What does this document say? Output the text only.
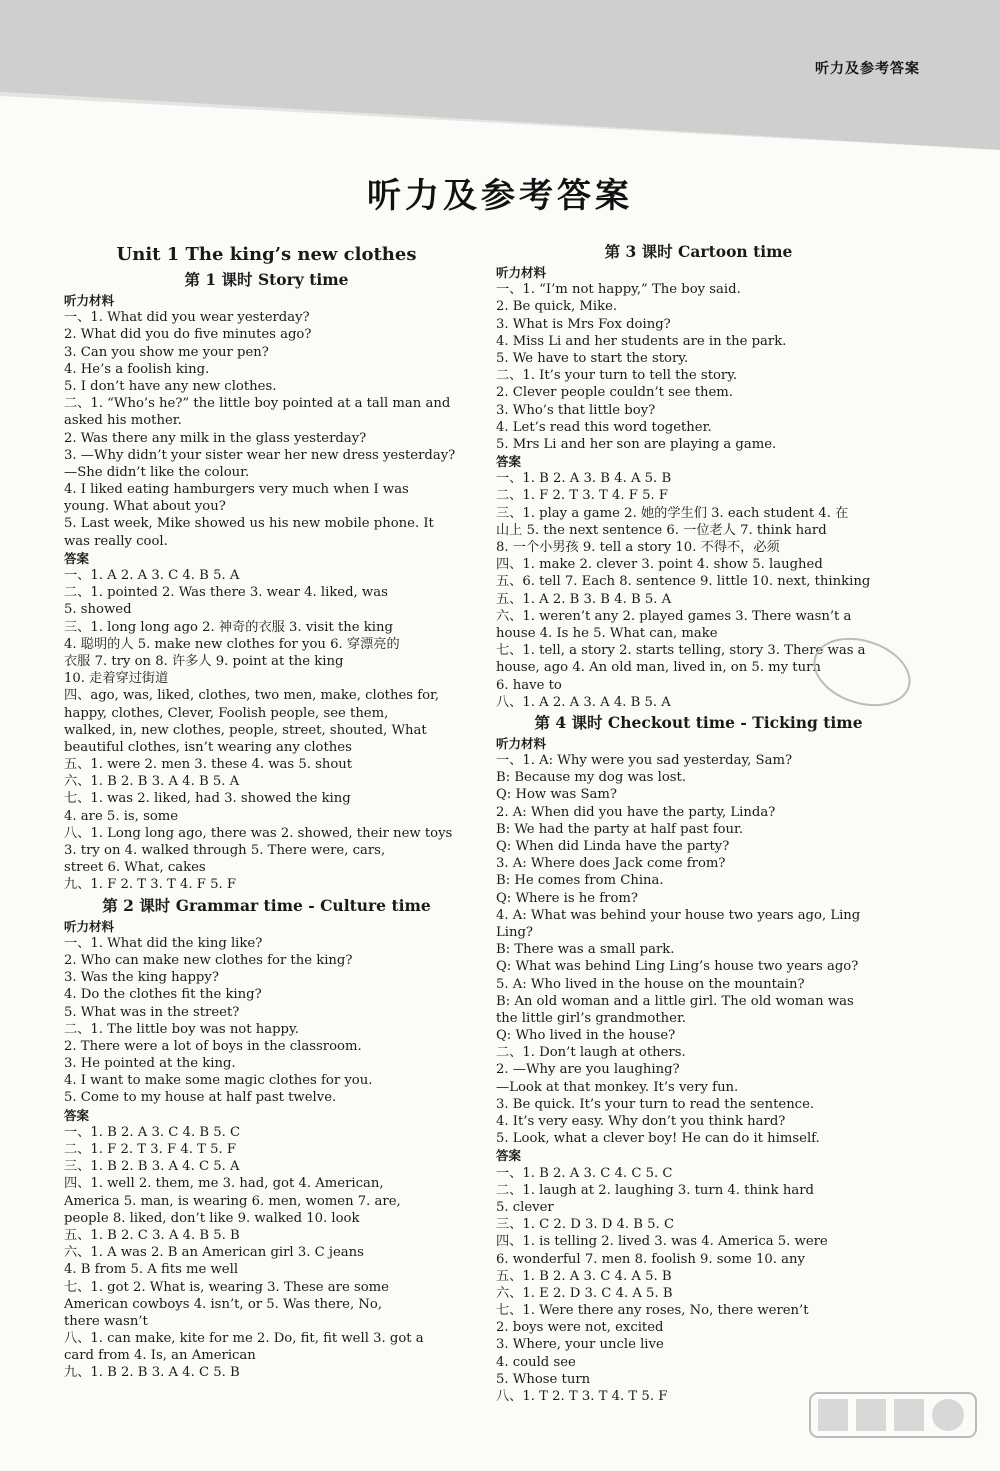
听力及参考答案
听力及参考答案
Unit 1 The king’s new clothes
第 1 课时 Story time
听力材料
一、1. What did you wear yesterday?
2. What did you do five minutes ago?
3. Can you show me your pen?
4. He’s a foolish king.
5. I don’t have any new clothes.
二、1. “Who’s he?” the little boy pointed at a tall man and
asked his mother.
2. Was there any milk in the glass yesterday?
3. —Why didn’t your sister wear her new dress yesterday?
—She didn’t like the colour.
4. I liked eating hamburgers very much when I was
young. What about you?
5. Last week, Mike showed us his new mobile phone. It
was really cool.
答案
一、1. A 2. A 3. C 4. B 5. A
二、1. pointed 2. Was there 3. wear 4. liked, was
5. showed
三、1. long long ago 2. 神奇的衣服 3. visit the king
4. 聪明的人 5. make new clothes for you 6. 穿漂亮的
衣服 7. try on 8. 许多人 9. point at the king
10. 走着穿过街道
四、ago, was, liked, clothes, two men, make, clothes for,
happy, clothes, Clever, Foolish people, see them,
walked, in, new clothes, people, street, shouted, What
beautiful clothes, isn’t wearing any clothes
五、1. were 2. men 3. these 4. was 5. shout
六、1. B 2. B 3. A 4. B 5. A
七、1. was 2. liked, had 3. showed the king
4. are 5. is, some
八、1. Long long ago, there was 2. showed, their new toys
3. try on 4. walked through 5. There were, cars,
street 6. What, cakes
九、1. F 2. T 3. T 4. F 5. F
第 2 课时 Grammar time - Culture time
听力材料
一、1. What did the king like?
2. Who can make new clothes for the king?
3. Was the king happy?
4. Do the clothes fit the king?
5. What was in the street?
二、1. The little boy was not happy.
2. There were a lot of boys in the classroom.
3. He pointed at the king.
4. I want to make some magic clothes for you.
5. Come to my house at half past twelve.
答案
一、1. B 2. A 3. C 4. B 5. C
二、1. F 2. T 3. F 4. T 5. F
三、1. B 2. B 3. A 4. C 5. A
四、1. well 2. them, me 3. had, got 4. American,
America 5. man, is wearing 6. men, women 7. are,
people 8. liked, don’t like 9. walked 10. look
五、1. B 2. C 3. A 4. B 5. B
六、1. A was 2. B an American girl 3. C jeans
4. B from 5. A fits me well
七、1. got 2. What is, wearing 3. These are some
American cowboys 4. isn’t, or 5. Was there, No,
there wasn’t
八、1. can make, kite for me 2. Do, fit, fit well 3. got a
card from 4. Is, an American
九、1. B 2. B 3. A 4. C 5. B
第 3 课时 Cartoon time
听力材料
一、1. “I’m not happy,” The boy said.
2. Be quick, Mike.
3. What is Mrs Fox doing?
4. Miss Li and her students are in the park.
5. We have to start the story.
二、1. It’s your turn to tell the story.
2. Clever people couldn’t see them.
3. Who’s that little boy?
4. Let’s read this word together.
5. Mrs Li and her son are playing a game.
答案
一、1. B 2. A 3. B 4. A 5. B
二、1. F 2. T 3. T 4. F 5. F
三、1. play a game 2. 她的学生们 3. each student 4. 在
山上 5. the next sentence 6. 一位老人 7. think hard
8. 一个小男孩 9. tell a story 10. 不得不，必须
四、1. make 2. clever 3. point 4. show 5. laughed
五、6. tell 7. Each 8. sentence 9. little 10. next, thinking
五、1. A 2. B 3. B 4. B 5. A
六、1. weren’t any 2. played games 3. There wasn’t a
house 4. Is he 5. What can, make
七、1. tell, a story 2. starts telling, story 3. There was a
house, ago 4. An old man, lived in, on 5. my turn
6. have to
八、1. A 2. A 3. A 4. B 5. A
第 4 课时 Checkout time - Ticking time
听力材料
一、1. A: Why were you sad yesterday, Sam?
B: Because my dog was lost.
Q: How was Sam?
2. A: When did you have the party, Linda?
B: We had the party at half past four.
Q: When did Linda have the party?
3. A: Where does Jack come from?
B: He comes from China.
Q: Where is he from?
4. A: What was behind your house two years ago, Ling
Ling?
B: There was a small park.
Q: What was behind Ling Ling’s house two years ago?
5. A: Who lived in the house on the mountain?
B: An old woman and a little girl. The old woman was
the little girl’s grandmother.
Q: Who lived in the house?
二、1. Don’t laugh at others.
2. —Why are you laughing?
—Look at that monkey. It’s very fun.
3. Be quick. It’s your turn to read the sentence.
4. It’s very easy. Why don’t you think hard?
5. Look, what a clever boy! He can do it himself.
答案
一、1. B 2. A 3. C 4. C 5. C
二、1. laugh at 2. laughing 3. turn 4. think hard
5. clever
三、1. C 2. D 3. D 4. B 5. C
四、1. is telling 2. lived 3. was 4. America 5. were
6. wonderful 7. men 8. foolish 9. some 10. any
五、1. B 2. A 3. C 4. A 5. B
六、1. E 2. D 3. C 4. A 5. B
七、1. Were there any roses, No, there weren’t
2. boys were not, excited
3. Where, your uncle live
4. could see
5. Whose turn
八、1. T 2. T 3. T 4. T 5. F
